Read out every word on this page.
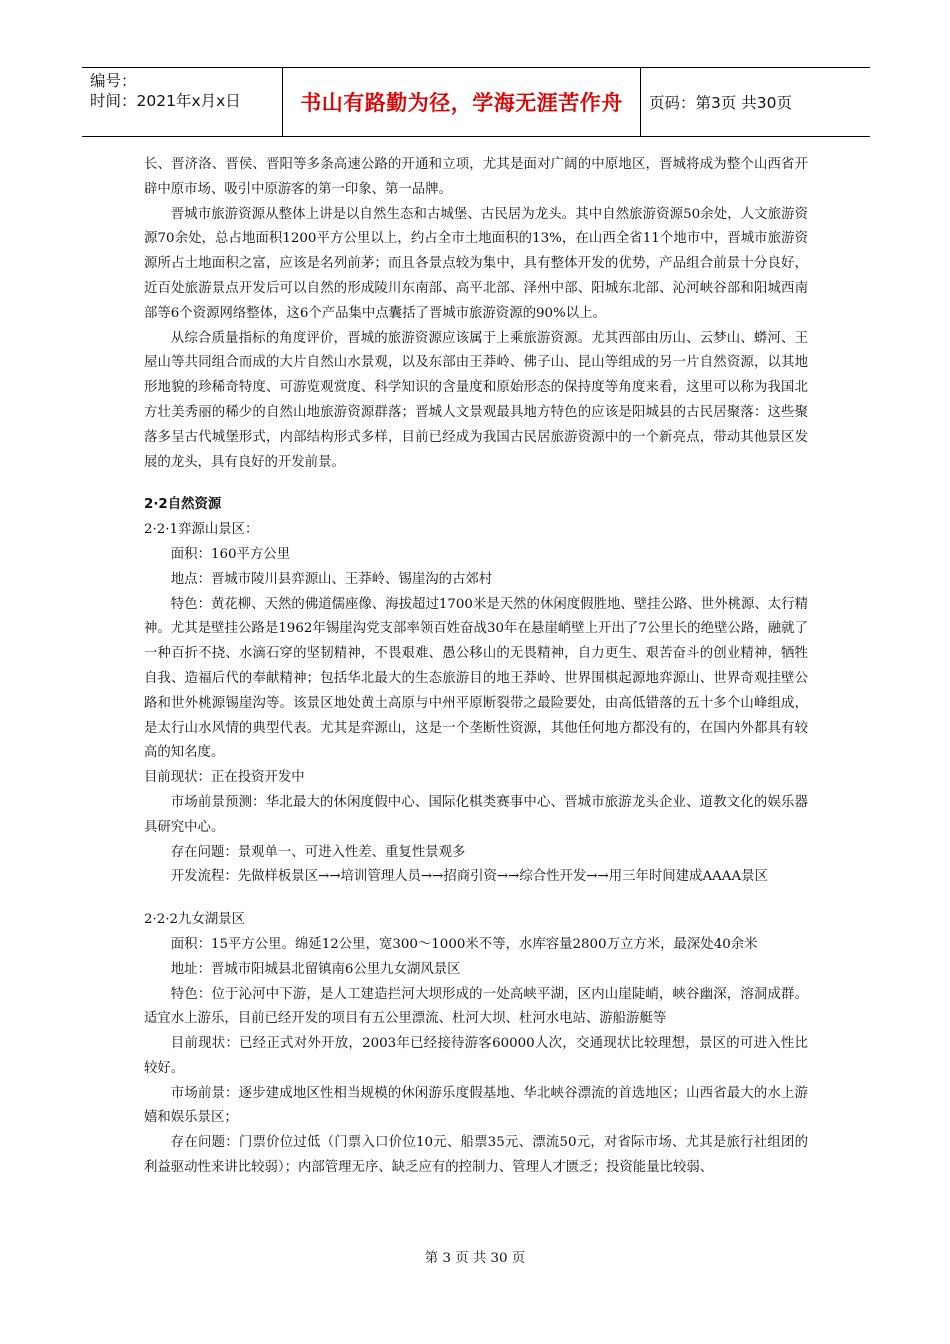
编号：
时间：2021年x月x日	书山有路勤为径，学海无涯苦作舟 页码：第3页 共30页

长、晋济洛、晋侯、晋阳等多条高速公路的开通和立项，尤其是面对广阔的中原地区，晋城将成为整个山西省开辟中原市场、吸引中原游客的第一印象、第一品牌。

晋城市旅游资源从整体上讲是以自然生态和古城堡、古民居为龙头。其中自然旅游资源50余处，人文旅游资源70余处，总占地面积1200平方公里以上，约占全市土地面积的13%，在山西全省11个地市中，晋城市旅游资源所占土地面积之富，应该是名列前茅；而且各景点较为集中，具有整体开发的优势，产品组合前景十分良好，近百处旅游景点开发后可以自然的形成陵川东南部、高平北部、泽州中部、阳城东北部、沁河峡谷部和阳城西南部等6个资源网络整体，这6个产品集中点囊括了晋城市旅游资源的90%以上。

从综合质量指标的角度评价，晋城的旅游资源应该属于上乘旅游资源。尤其西部由历山、云梦山、蟒河、王屋山等共同组合而成的大片自然山水景观，以及东部由王莽岭、佛子山、昆山等组成的另一片自然资源，以其地形地貌的珍稀奇特度、可游览观赏度、科学知识的含量度和原始形态的保持度等角度来看，这里可以称为我国北方壮美秀丽的稀少的自然山地旅游资源群落；晋城人文景观最具地方特色的应该是阳城县的古民居聚落：这些聚落多呈古代城堡形式，内部结构形式多样，目前已经成为我国古民居旅游资源中的一个新亮点，带动其他景区发展的龙头，具有良好的开发前景。

2·2自然资源

2·2·1弈源山景区：

面积：160平方公里

地点：晋城市陵川县弈源山、王莽岭、锡崖沟的古郊村

特色：黄花柳、天然的佛道儒座像、海拔超过1700米是天然的休闲度假胜地、壁挂公路、世外桃源、太行精神。尤其是壁挂公路是1962年锡崖沟党支部率领百姓奋战30年在悬崖峭壁上开出了7公里长的绝壁公路，融就了一种百折不挠、水滴石穿的坚韧精神，不畏艰难、愚公移山的无畏精神，自力更生、艰苦奋斗的创业精神，牺牲自我、造福后代的奉献精神；包括华北最大的生态旅游目的地王莽岭、世界围棋起源地弈源山、世界奇观挂壁公路和世外桃源锡崖沟等。该景区地处黄土高原与中州平原断裂带之最险要处，由高低错落的五十多个山峰组成，是太行山水风情的典型代表。尤其是弈源山，这是一个垄断性资源，其他任何地方都没有的，在国内外都具有较高的知名度。

目前现状：正在投资开发中

市场前景预测：华北最大的休闲度假中心、国际化棋类赛事中心、晋城市旅游龙头企业、道教文化的娱乐器具研究中心。

存在问题：景观单一、可进入性差、重复性景观多

开发流程：先做样板景区→→培训管理人员→→招商引资→→综合性开发→→用三年时间建成AAAA景区

2·2·2九女湖景区

面积：15平方公里。绵延12公里，宽300～1000米不等，水库容量2800万立方米，最深处40余米

地址：晋城市阳城县北留镇南6公里九女湖风景区

特色：位于沁河中下游，是人工建造拦河大坝形成的一处高峡平湖，区内山崖陡峭，峡谷幽深，溶洞成群。适宜水上游乐，目前已经开发的项目有五公里漂流、杜河大坝、杜河水电站、游船游艇等

目前现状：已经正式对外开放，2003年已经接待游客60000人次，交通现状比较理想，景区的可进入性比较好。

市场前景：逐步建成地区性相当规模的休闲游乐度假基地、华北峡谷漂流的首选地区；山西省最大的水上游嬉和娱乐景区；

存在问题：门票价位过低（门票入口价位10元、船票35元、漂流50元，对省际市场、尤其是旅行社组团的利益驱动性来讲比较弱）；内部管理无序、缺乏应有的控制力、管理人才匮乏；投资能量比较弱、

第 3 页 共 30 页
